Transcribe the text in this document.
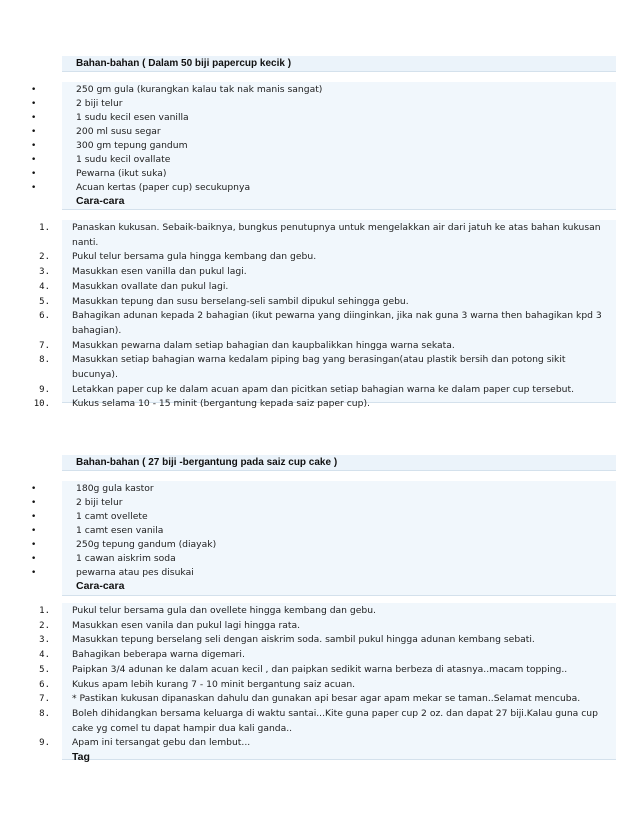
Bahan-bahan ( Dalam 50 biji papercup kecik )
•	250 gm gula (kurangkan kalau tak nak manis sangat)
•	2 biji telur
•	1 sudu kecil esen vanilla
•	200 ml susu segar
•	300 gm tepung gandum
•	1 sudu kecil ovallate
•	Pewarna (ikut suka)
•	Acuan kertas (paper cup) secukupnya
Cara-cara
1. Panaskan kukusan. Sebaik-baiknya, bungkus penutupnya untuk mengelakkan air dari jatuh ke atas bahan kukusan nanti.
2. Pukul telur bersama gula hingga kembang dan gebu.
3. Masukkan esen vanilla dan pukul lagi.
4. Masukkan ovallate dan pukul lagi.
5. Masukkan tepung dan susu berselang-seli sambil dipukul sehingga gebu.
6. Bahagikan adunan kepada 2 bahagian (ikut pewarna yang diinginkan, jika nak guna 3 warna then bahagikan kpd 3 bahagian).
7. Masukkan pewarna dalam setiap bahagian dan kaupbalikkan hingga warna sekata.
8. Masukkan setiap bahagian warna kedalam piping bag yang berasingan(atau plastik bersih dan potong sikit bucunya).
9. Letakkan paper cup ke dalam acuan apam dan picitkan setiap bahagian warna ke dalam paper cup tersebut.
10. Kukus selama 10 - 15 minit (bergantung kepada saiz paper cup).
Bahan-bahan ( 27 biji -bergantung pada saiz cup cake )
•	180g gula kastor
•	2 biji telur
•	1 camt ovellete
•	1 camt esen vanila
•	250g tepung gandum (diayak)
•	1 cawan aiskrim soda
•	pewarna atau pes disukai
Cara-cara
1. Pukul telur bersama gula dan ovellete hingga kembang dan gebu.
2. Masukkan esen vanila dan pukul lagi hingga rata.
3. Masukkan tepung berselang seli dengan aiskrim soda. sambil pukul hingga adunan kembang sebati.
4. Bahagikan beberapa warna digemari.
5. Paipkan 3/4 adunan ke dalam acuan kecil , dan paipkan sedikit warna berbeza di atasnya..macam topping..
6. Kukus apam lebih kurang 7 - 10 minit bergantung saiz acuan.
7. * Pastikan kukusan dipanaskan dahulu dan gunakan api besar agar apam mekar se taman..Selamat mencuba.
8. Boleh dihidangkan bersama keluarga di waktu santai...Kite guna paper cup 2 oz. dan dapat 27 biji.Kalau guna cup cake yg comel tu dapat hampir dua kali ganda..
9. Apam ini tersangat gebu dan lembut...
Tag
